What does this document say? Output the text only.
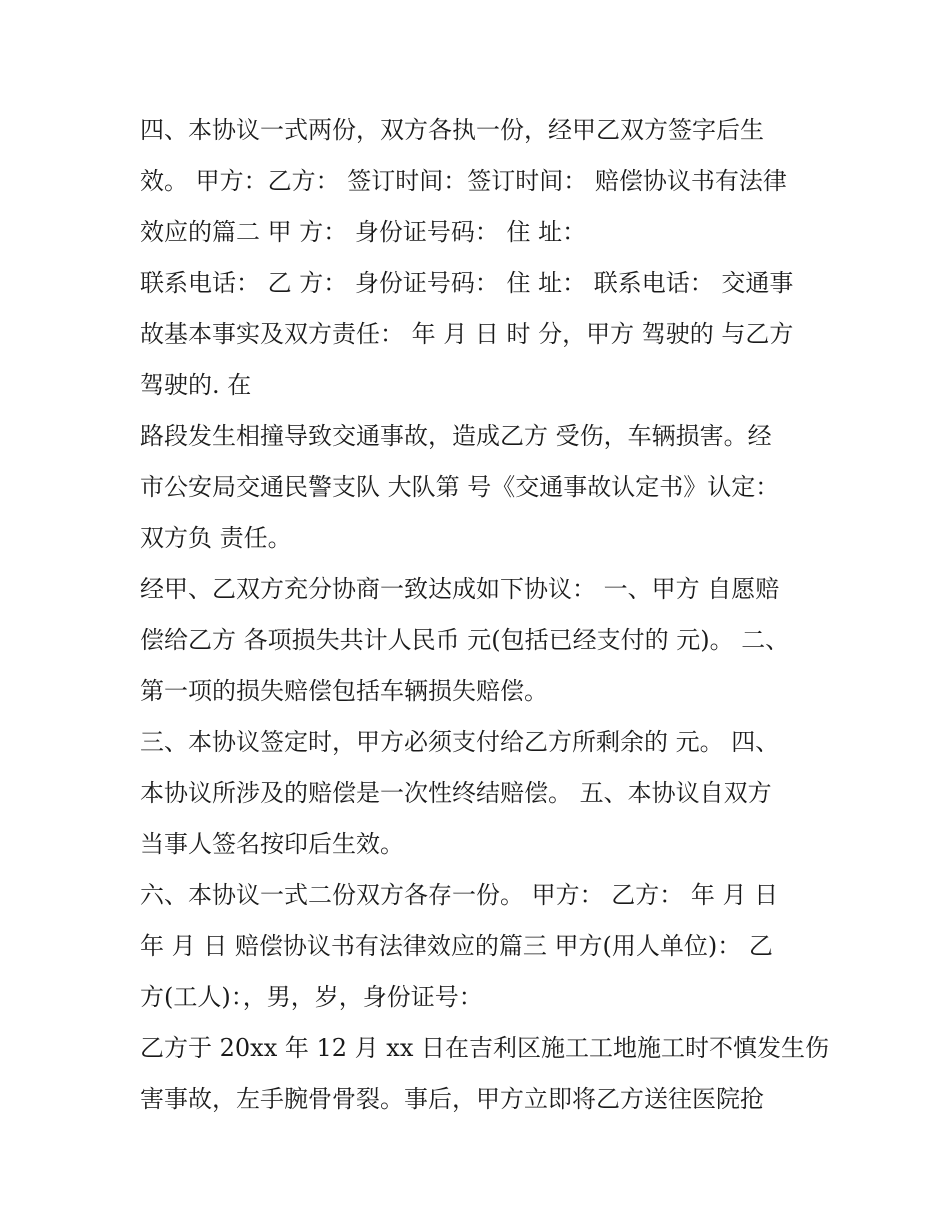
四、本协议一式两份，双方各执一份，经甲乙双方签字后生
效。 甲方：乙方： 签订时间：签订时间： 赔偿协议书有法律
效应的篇二 甲 方： 身份证号码： 住 址：

联系电话： 乙 方： 身份证号码： 住 址： 联系电话： 交通事
故基本事实及双方责任： 年 月 日 时 分，甲方 驾驶的 与乙方
驾驶的. 在

路段发生相撞导致交通事故，造成乙方 受伤，车辆损害。经
市公安局交通民警支队 大队第 号《交通事故认定书》认定：
双方负 责任。

经甲、乙双方充分协商一致达成如下协议： 一、甲方 自愿赔
偿给乙方 各项损失共计人民币 元(包括已经支付的 元)。 二、
第一项的损失赔偿包括车辆损失赔偿。

三、本协议签定时，甲方必须支付给乙方所剩余的 元。 四、
本协议所涉及的赔偿是一次性终结赔偿。 五、本协议自双方
当事人签名按印后生效。

六、本协议一式二份双方各存一份。 甲方： 乙方： 年 月 日
年 月 日 赔偿协议书有法律效应的篇三 甲方(用人单位)： 乙
方(工人)：，男，岁，身份证号：

乙方于 20xx 年 12 月 xx 日在吉利区施工工地施工时不慎发生伤
害事故，左手腕骨骨裂。事后，甲方立即将乙方送往医院抢
